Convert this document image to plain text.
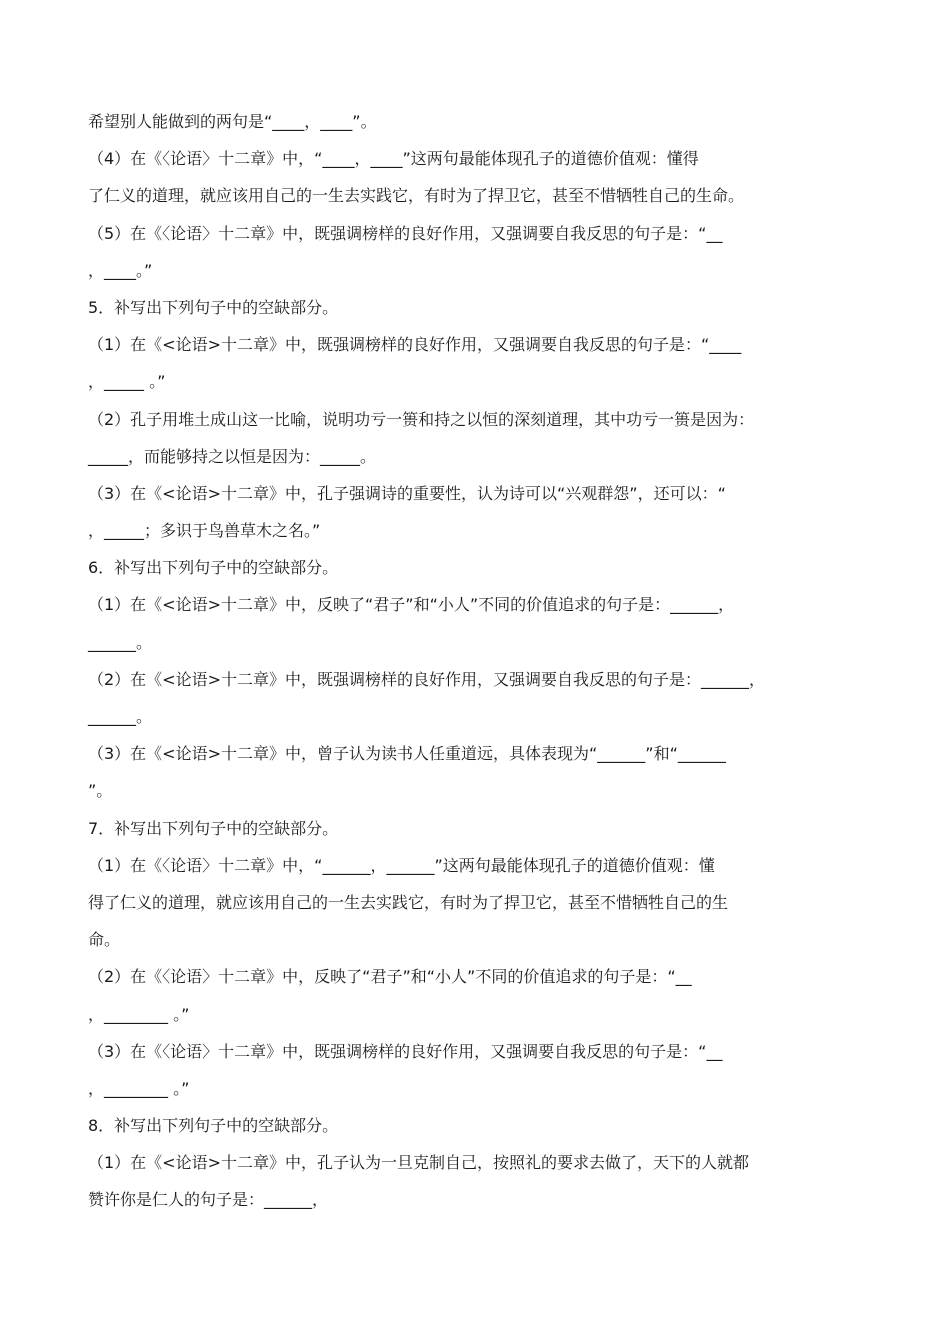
希望别人能做到的两句是“____，____”。
（4）在《〈论语〉十二章》中，“____，____”这两句最能体现孔子的道德价值观：懂得
了仁义的道理，就应该用自己的一生去实践它，有时为了捍卫它，甚至不惜牺牲自己的生命。
（5）在《〈论语〉十二章》中，既强调榜样的良好作用，又强调要自我反思的句子是：“__
，____。”
5．补写出下列句子中的空缺部分。
（1）在《<论语>十二章》中，既强调榜样的良好作用，又强调要自我反思的句子是：“____
，_____ 。”
（2）孔子用堆土成山这一比喻，说明功亏一篑和持之以恒的深刻道理，其中功亏一篑是因为：
_____，而能够持之以恒是因为：_____。
（3）在《<论语>十二章》中，孔子强调诗的重要性，认为诗可以“兴观群怨”，还可以：“
，_____；多识于鸟兽草木之名。”
6．补写出下列句子中的空缺部分。
（1）在《<论语>十二章》中，反映了“君子”和“小人”不同的价值追求的句子是：______，
______。
（2）在《<论语>十二章》中，既强调榜样的良好作用，又强调要自我反思的句子是：______，
______。
（3）在《<论语>十二章》中，曾子认为读书人任重道远，具体表现为“______”和“______
”。
7．补写出下列句子中的空缺部分。
（1）在《〈论语〉十二章》中，“______，______”这两句最能体现孔子的道德价值观：懂
得了仁义的道理，就应该用自己的一生去实践它，有时为了捍卫它，甚至不惜牺牲自己的生
命。
（2）在《〈论语〉十二章》中，反映了“君子”和“小人”不同的价值追求的句子是：“__
，________ 。”
（3）在《〈论语〉十二章》中，既强调榜样的良好作用，又强调要自我反思的句子是：“__
，________ 。”
8．补写出下列句子中的空缺部分。
（1）在《<论语>十二章》中，孔子认为一旦克制自己，按照礼的要求去做了，天下的人就都
赞许你是仁人的句子是：______，
